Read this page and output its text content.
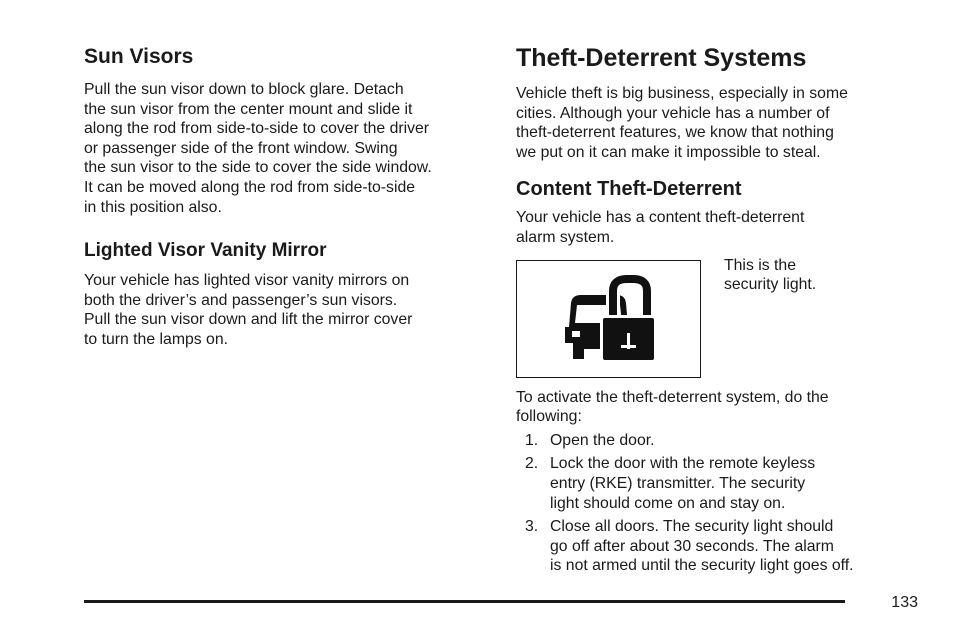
Sun Visors

Pull the sun visor down to block glare. Detach
the sun visor from the center mount and slide it
along the rod from side-to-side to cover the driver
or passenger side of the front window. Swing
the sun visor to the side to cover the side window.
It can be moved along the rod from side-to-side
in this position also.

Lighted Visor Vanity Mirror

Your vehicle has lighted visor vanity mirrors on
both the driver’s and passenger’s sun visors.
Pull the sun visor down and lift the mirror cover
to turn the lamps on.

Theft-Deterrent Systems

Vehicle theft is big business, especially in some
cities. Although your vehicle has a number of
theft-deterrent features, we know that nothing
we put on it can make it impossible to steal.

Content Theft-Deterrent

Your vehicle has a content theft-deterrent
alarm system.

This is the
security light.

To activate the theft-deterrent system, do the
following:

1. Open the door.
2. Lock the door with the remote keyless
entry (RKE) transmitter. The security
light should come on and stay on.
3. Close all doors. The security light should
go off after about 30 seconds. The alarm
is not armed until the security light goes off.
133
